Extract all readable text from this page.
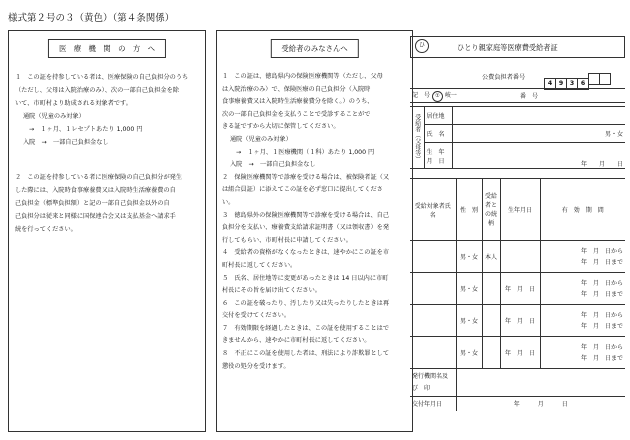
様式第２号の３（黄色）（第４条関係）
医　療　機　関　の　方　へ

１　この証を持参している者は、医療保険の自己負担分のうち

（ただし、父母は入院治療のみ）、次の一部自己負担金を除

いて、市町村より助成される対象者です。

通院（児童のみ対象）

→　１ヶ月、１レセプトあたり 1,000 円

入院　→　一部自己負担金なし

２　この証を持参している者に医療保険の自己負担分が発生

した際には、入院時食事療養費又は入院時生活療養費の自

己負担金（標準負担額）と記の一部自己負担金以外の自

己負担分は従来と同様に国保連合会又は支払基金へ請求手

続を行ってください。

受給者のみなさんへ

１　この証は、徳島県内の保険医療機関等（ただし、父母

は入院治療のみ）で、保険医療の自己負担分（入院時

食事療養費又は入院時生活療養費分を除く。）のうち、

次の一部自己負担金を支払うことで受診することがで

きる証ですから大切に保管してください。

通院（児童のみ対象）

→　１ヶ月、１医療機関（１科）あたり 1,000 円

入院　→　一部自己負担金なし

２　保険医療機関等で診療を受ける場合は、被保険者証（又

は組合員証）に添えてこの証を必ず窓口に提出してくださ

い。

３　徳島県外の保険医療機関等で診療を受ける場合は、自己

負担分を支払い、療養費支給請求証明書（又は領収書）を発

行してもらい、市町村長に申請してください。

４　受給者の資格がなくなったときは、速やかにこの証を市

町村長に返してください。

５　氏名、居住地等に変更があったときは 14 日以内に市町

村長にその旨を届け出てください。

６　この証を破ったり、汚したり又は失ったりしたときは再

交付を受けてください。

７　有効期限を経過したときは、この証を使用することはで

きませんから、速やかに市町村長に返してください。

８　不正にこの証を使用した者は、刑法により詐欺罪として

懲役の処分を受けます。

ひ	ひとり親家庭等医療費受給者証
公費負担者番号
4 9 3 6
記　号 ① 岐一	番　号
受給者（父母等）	居住地	
	氏　名	男・女
	生　年　月　日	年　　月　　日
受給対象者氏　　名	性　別	受給者との続柄	生年月日	有　効　期　間
	男・女	本人		年　月　日から
年　月　日まで

	男・女		年　月　日	年　月　日から
年　月　日まで

	男・女		年　月　日	年　月　日から
年　月　日まで

	男・女		年　月　日	年　月　日から
年　月　日まで

発行機関名及　び　印				
交付年月日	年　　　月　　　日			
